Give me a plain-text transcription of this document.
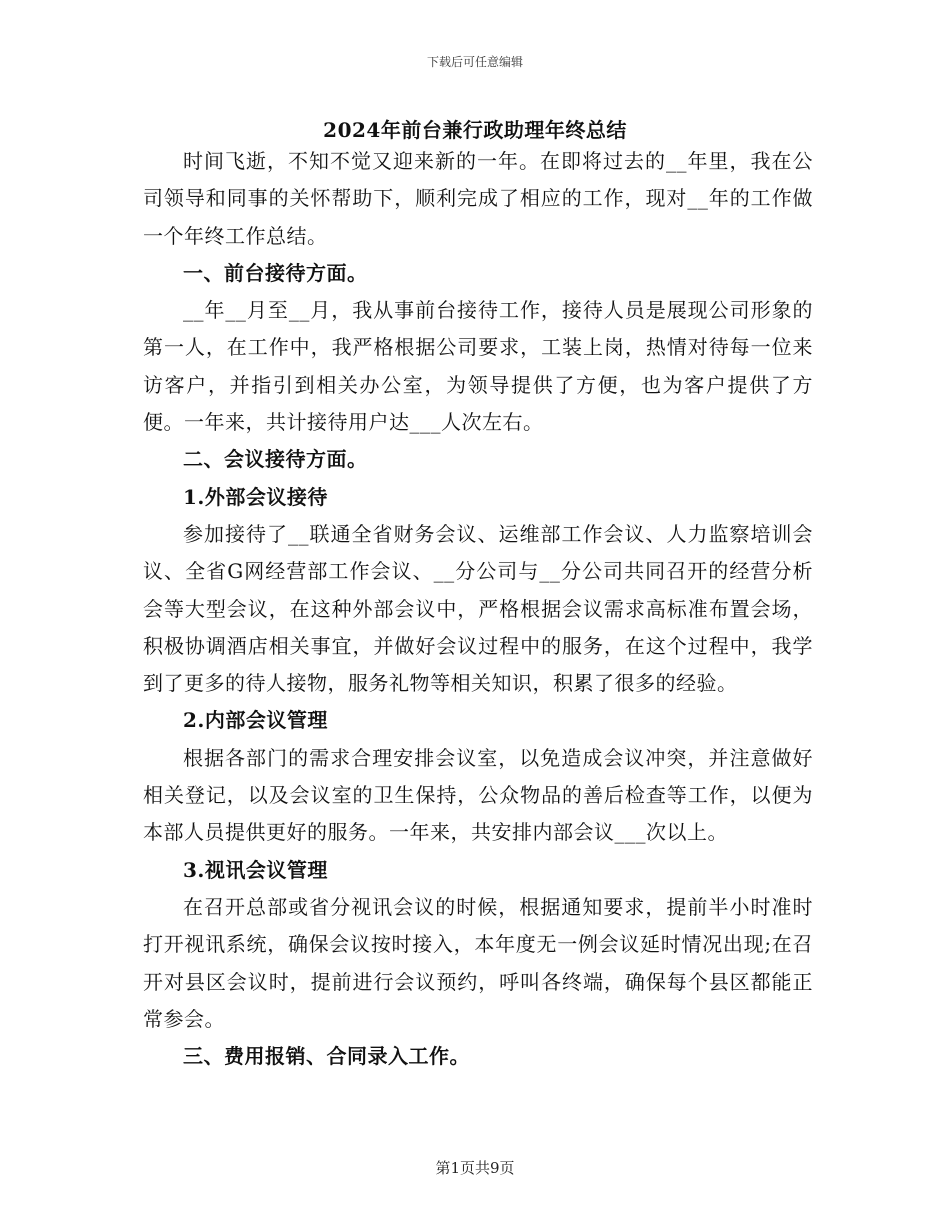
下载后可任意编辑
2024年前台兼行政助理年终总结

时间飞逝，不知不觉又迎来新的一年。在即将过去的__年里，我在公司领导和同事的关怀帮助下，顺利完成了相应的工作，现对__年的工作做一个年终工作总结。

一、前台接待方面。

__年__月至__月，我从事前台接待工作，接待人员是展现公司形象的第一人，在工作中，我严格根据公司要求，工装上岗，热情对待每一位来访客户，并指引到相关办公室，为领导提供了方便，也为客户提供了方便。一年来，共计接待用户达___人次左右。

二、会议接待方面。

1.外部会议接待

参加接待了__联通全省财务会议、运维部工作会议、人力监察培训会议、全省G网经营部工作会议、__分公司与__分公司共同召开的经营分析会等大型会议，在这种外部会议中，严格根据会议需求高标准布置会场，积极协调酒店相关事宜，并做好会议过程中的服务，在这个过程中，我学到了更多的待人接物，服务礼物等相关知识，积累了很多的经验。

2.内部会议管理

根据各部门的需求合理安排会议室，以免造成会议冲突，并注意做好相关登记，以及会议室的卫生保持，公众物品的善后检查等工作，以便为本部人员提供更好的服务。一年来，共安排内部会议___次以上。

3.视讯会议管理

在召开总部或省分视讯会议的时候，根据通知要求，提前半小时准时打开视讯系统，确保会议按时接入，本年度无一例会议延时情况出现;在召开对县区会议时，提前进行会议预约，呼叫各终端，确保每个县区都能正常参会。

三、费用报销、合同录入工作。

第1页共9页
